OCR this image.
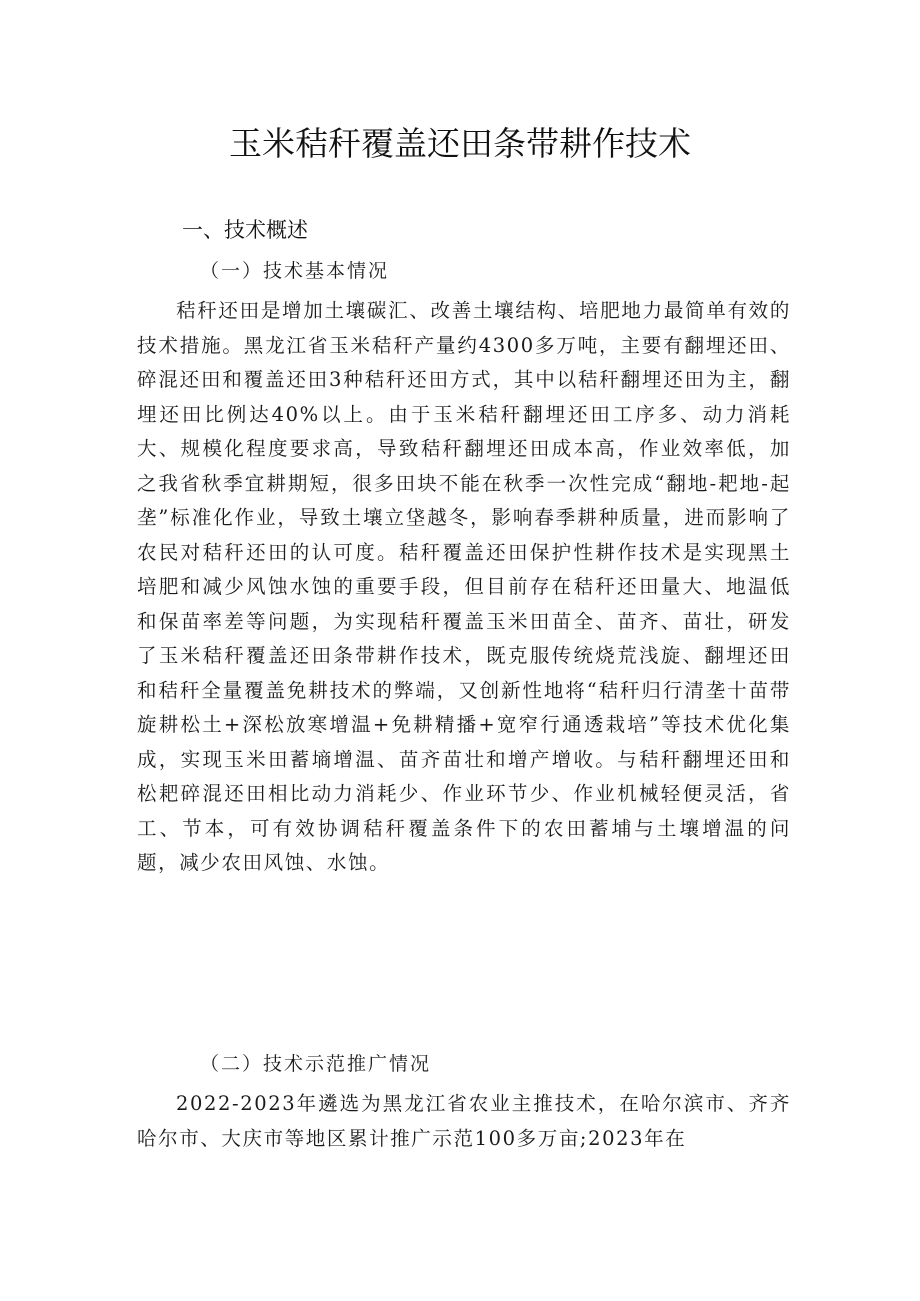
玉米秸秆覆盖还田条带耕作技术
一、技术概述
（一）技术基本情况

秸秆还田是增加土壤碳汇、改善土壤结构、培肥地力最简单有效的技术措施。黑龙江省玉米秸秆产量约4300多万吨，主要有翻埋还田、碎混还田和覆盖还田3种秸秆还田方式，其中以秸秆翻埋还田为主，翻埋还田比例达40%以上。由于玉米秸秆翻埋还田工序多、动力消耗大、规模化程度要求高，导致秸秆翻埋还田成本高，作业效率低，加之我省秋季宜耕期短，很多田块不能在秋季一次性完成“翻地-耙地-起垄”标准化作业，导致土壤立垡越冬，影响春季耕种质量，进而影响了农民对秸秆还田的认可度。秸秆覆盖还田保护性耕作技术是实现黑土培肥和减少风蚀水蚀的重要手段，但目前存在秸秆还田量大、地温低和保苗率差等问题，为实现秸秆覆盖玉米田苗全、苗齐、苗壮，研发了玉米秸秆覆盖还田条带耕作技术，既克服传统烧荒浅旋、翻埋还田和秸秆全量覆盖免耕技术的弊端，又创新性地将“秸秆归行清垄十苗带旋耕松土+深松放寒增温+免耕精播+宽窄行通透栽培”等技术优化集成，实现玉米田蓄墒增温、苗齐苗壮和增产增收。与秸秆翻埋还田和松耙碎混还田相比动力消耗少、作业环节少、作业机械轻便灵活，省工、节本，可有效协调秸秆覆盖条件下的农田蓄埔与土壤增温的问题，减少农田风蚀、水蚀。

（二）技术示范推广情况

2022-2023年遴选为黑龙江省农业主推技术，在哈尔滨市、齐齐哈尔市、大庆市等地区累计推广示范100多万亩;2023年在
